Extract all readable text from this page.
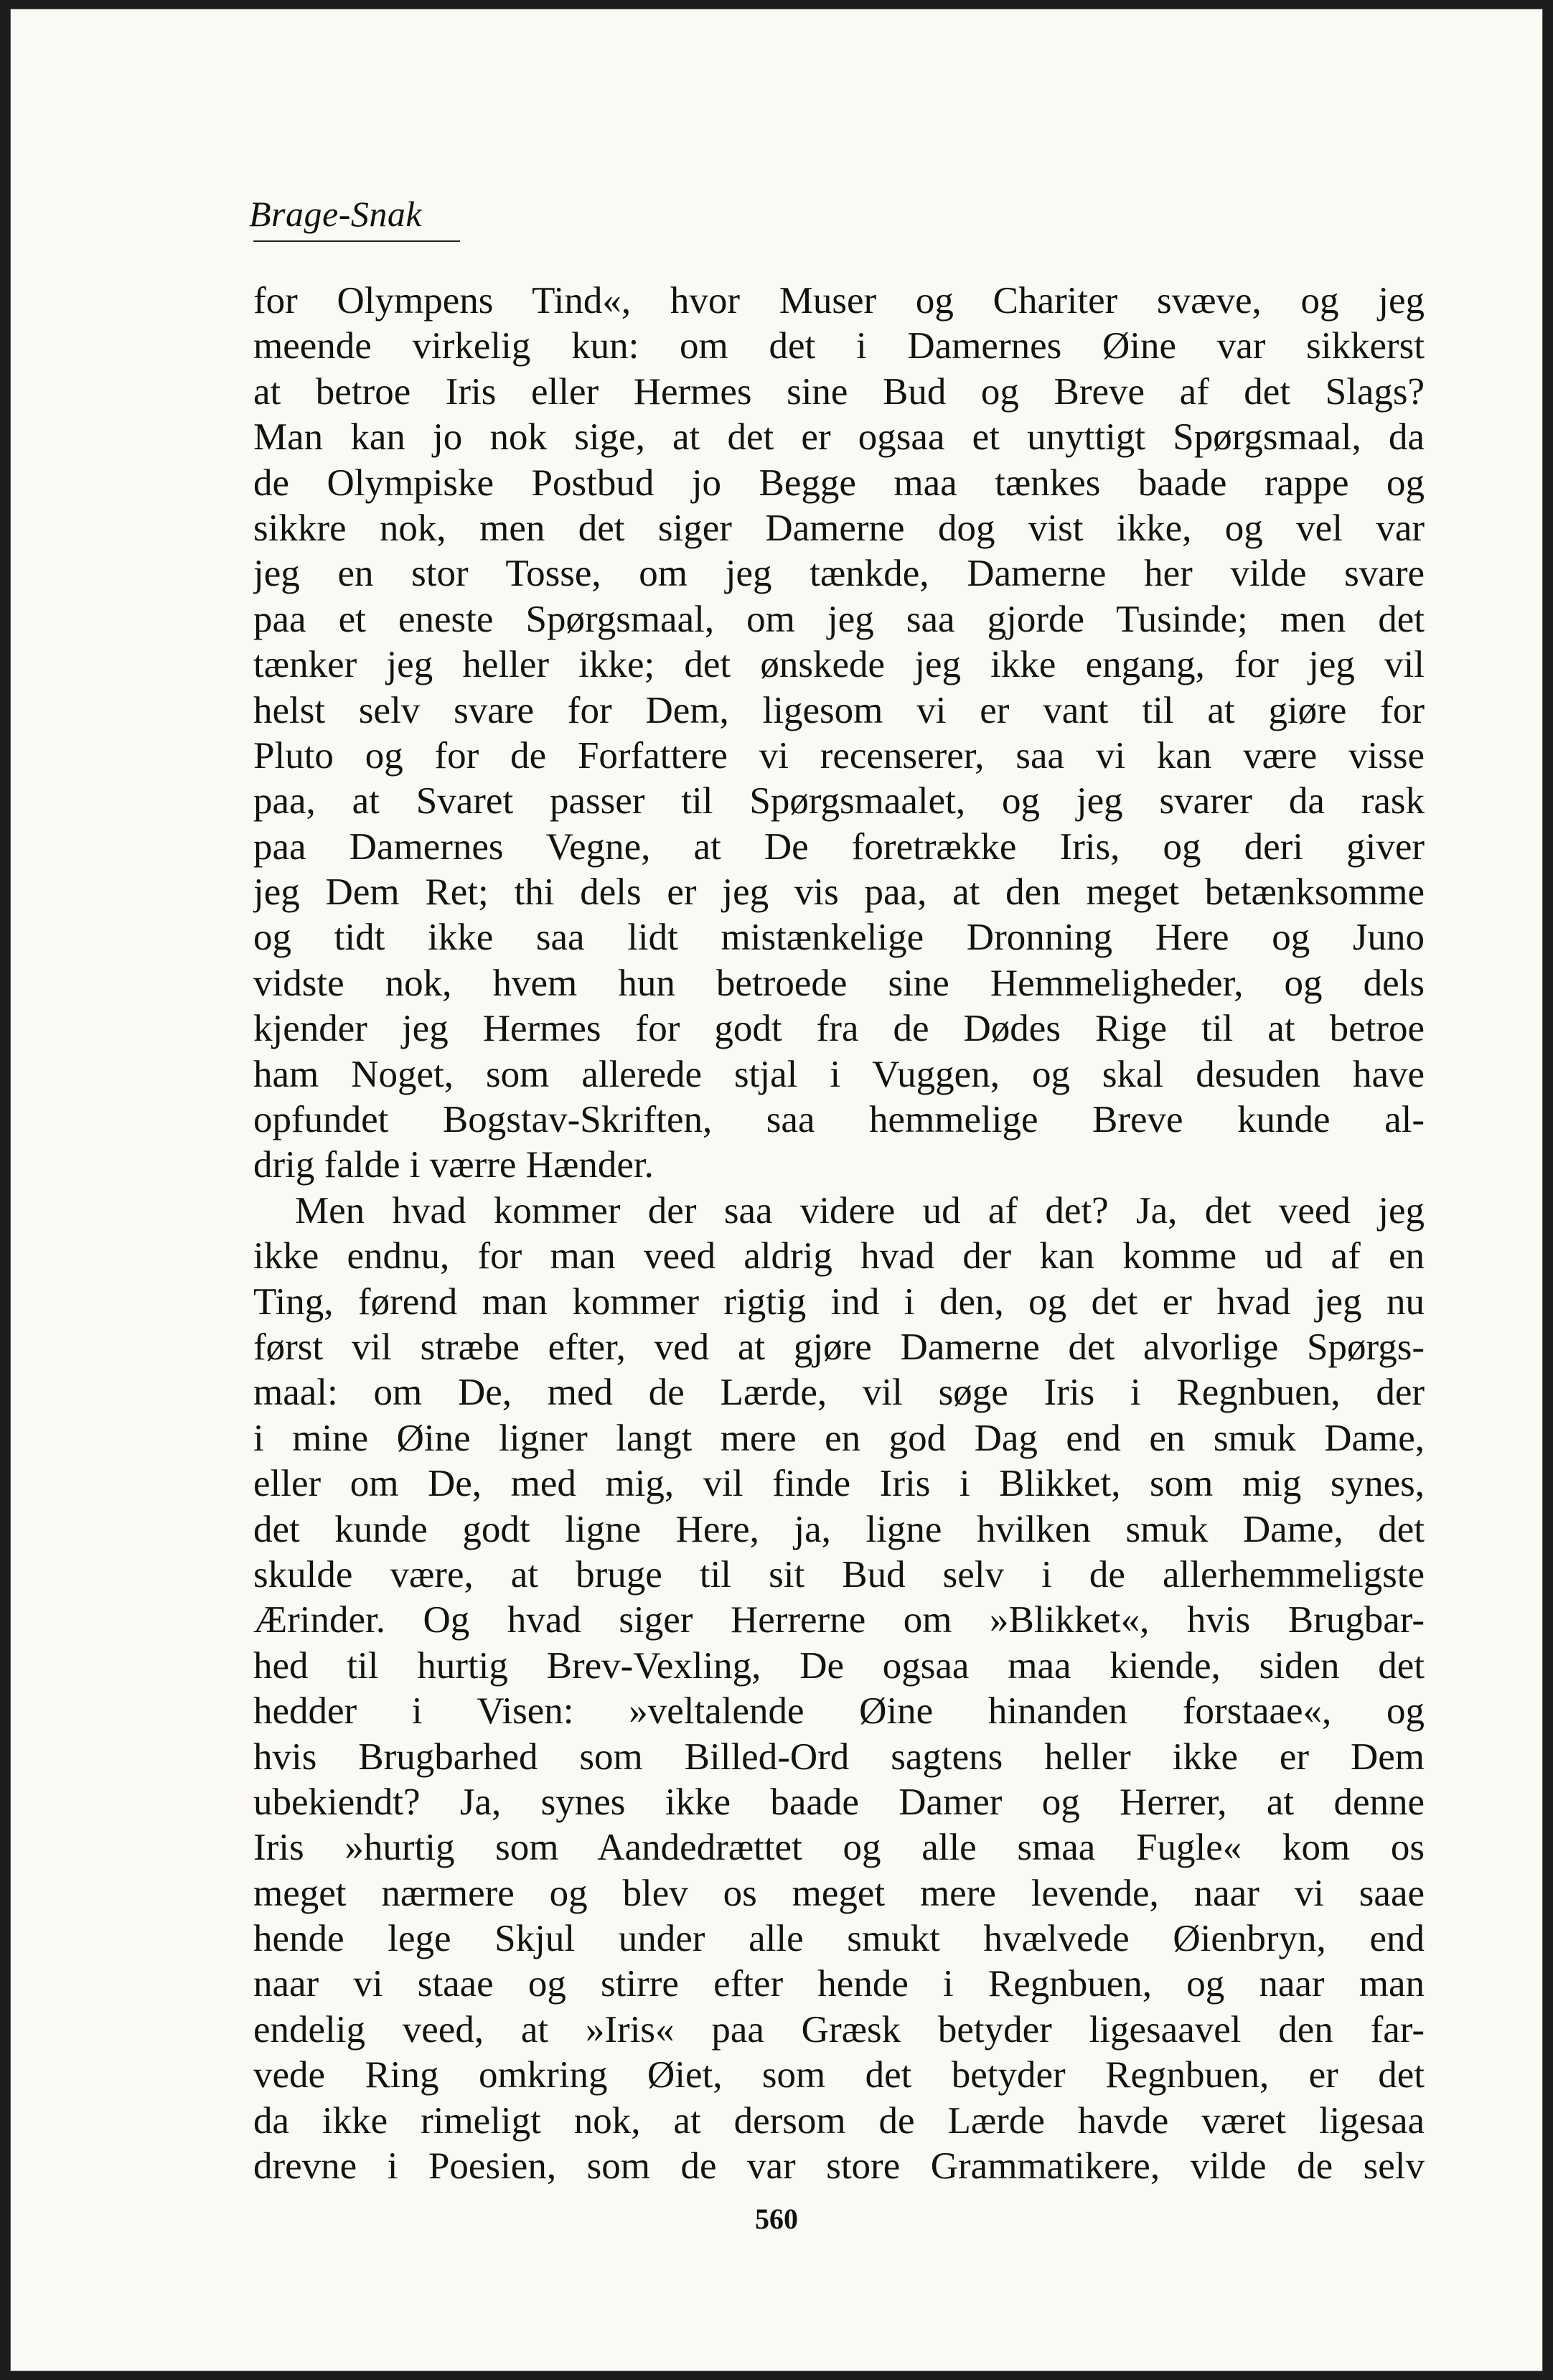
Brage-Snak
for Olympens Tind«, hvor Muser og Chariter svæve, og jeg
meende virkelig kun: om det i Damernes Øine var sikkerst
at betroe Iris eller Hermes sine Bud og Breve af det Slags?
Man kan jo nok sige, at det er ogsaa et unyttigt Spørgsmaal, da
de Olympiske Postbud jo Begge maa tænkes baade rappe og
sikkre nok, men det siger Damerne dog vist ikke, og vel var
jeg en stor Tosse, om jeg tænkde, Damerne her vilde svare
paa et eneste Spørgsmaal, om jeg saa gjorde Tusinde; men det
tænker jeg heller ikke; det ønskede jeg ikke engang, for jeg vil
helst selv svare for Dem, ligesom vi er vant til at giøre for
Pluto og for de Forfattere vi recenserer, saa vi kan være visse
paa, at Svaret passer til Spørgsmaalet, og jeg svarer da rask
paa Damernes Vegne, at De foretrække Iris, og deri giver
jeg Dem Ret; thi dels er jeg vis paa, at den meget betænksomme
og tidt ikke saa lidt mistænkelige Dronning Here og Juno
vidste nok, hvem hun betroede sine Hemmeligheder, og dels
kjender jeg Hermes for godt fra de Dødes Rige til at betroe
ham Noget, som allerede stjal i Vuggen, og skal desuden have
opfundet Bogstav-Skriften, saa hemmelige Breve kunde al-
drig falde i værre Hænder.
Men hvad kommer der saa videre ud af det? Ja, det veed jeg
ikke endnu, for man veed aldrig hvad der kan komme ud af en
Ting, førend man kommer rigtig ind i den, og det er hvad jeg nu
først vil stræbe efter, ved at gjøre Damerne det alvorlige Spørgs-
maal: om De, med de Lærde, vil søge Iris i Regnbuen, der
i mine Øine ligner langt mere en god Dag end en smuk Dame,
eller om De, med mig, vil finde Iris i Blikket, som mig synes,
det kunde godt ligne Here, ja, ligne hvilken smuk Dame, det
skulde være, at bruge til sit Bud selv i de allerhemmeligste
Ærinder. Og hvad siger Herrerne om »Blikket«, hvis Brugbar-
hed til hurtig Brev-Vexling, De ogsaa maa kiende, siden det
hedder i Visen: »veltalende Øine hinanden forstaae«, og
hvis Brugbarhed som Billed-Ord sagtens heller ikke er Dem
ubekiendt? Ja, synes ikke baade Damer og Herrer, at denne
Iris »hurtig som Aandedrættet og alle smaa Fugle« kom os
meget nærmere og blev os meget mere levende, naar vi saae
hende lege Skjul under alle smukt hvælvede Øienbryn, end
naar vi staae og stirre efter hende i Regnbuen, og naar man
endelig veed, at »Iris« paa Græsk betyder ligesaavel den far-
vede Ring omkring Øiet, som det betyder Regnbuen, er det
da ikke rimeligt nok, at dersom de Lærde havde været ligesaa
drevne i Poesien, som de var store Grammatikere, vilde de selv
560
